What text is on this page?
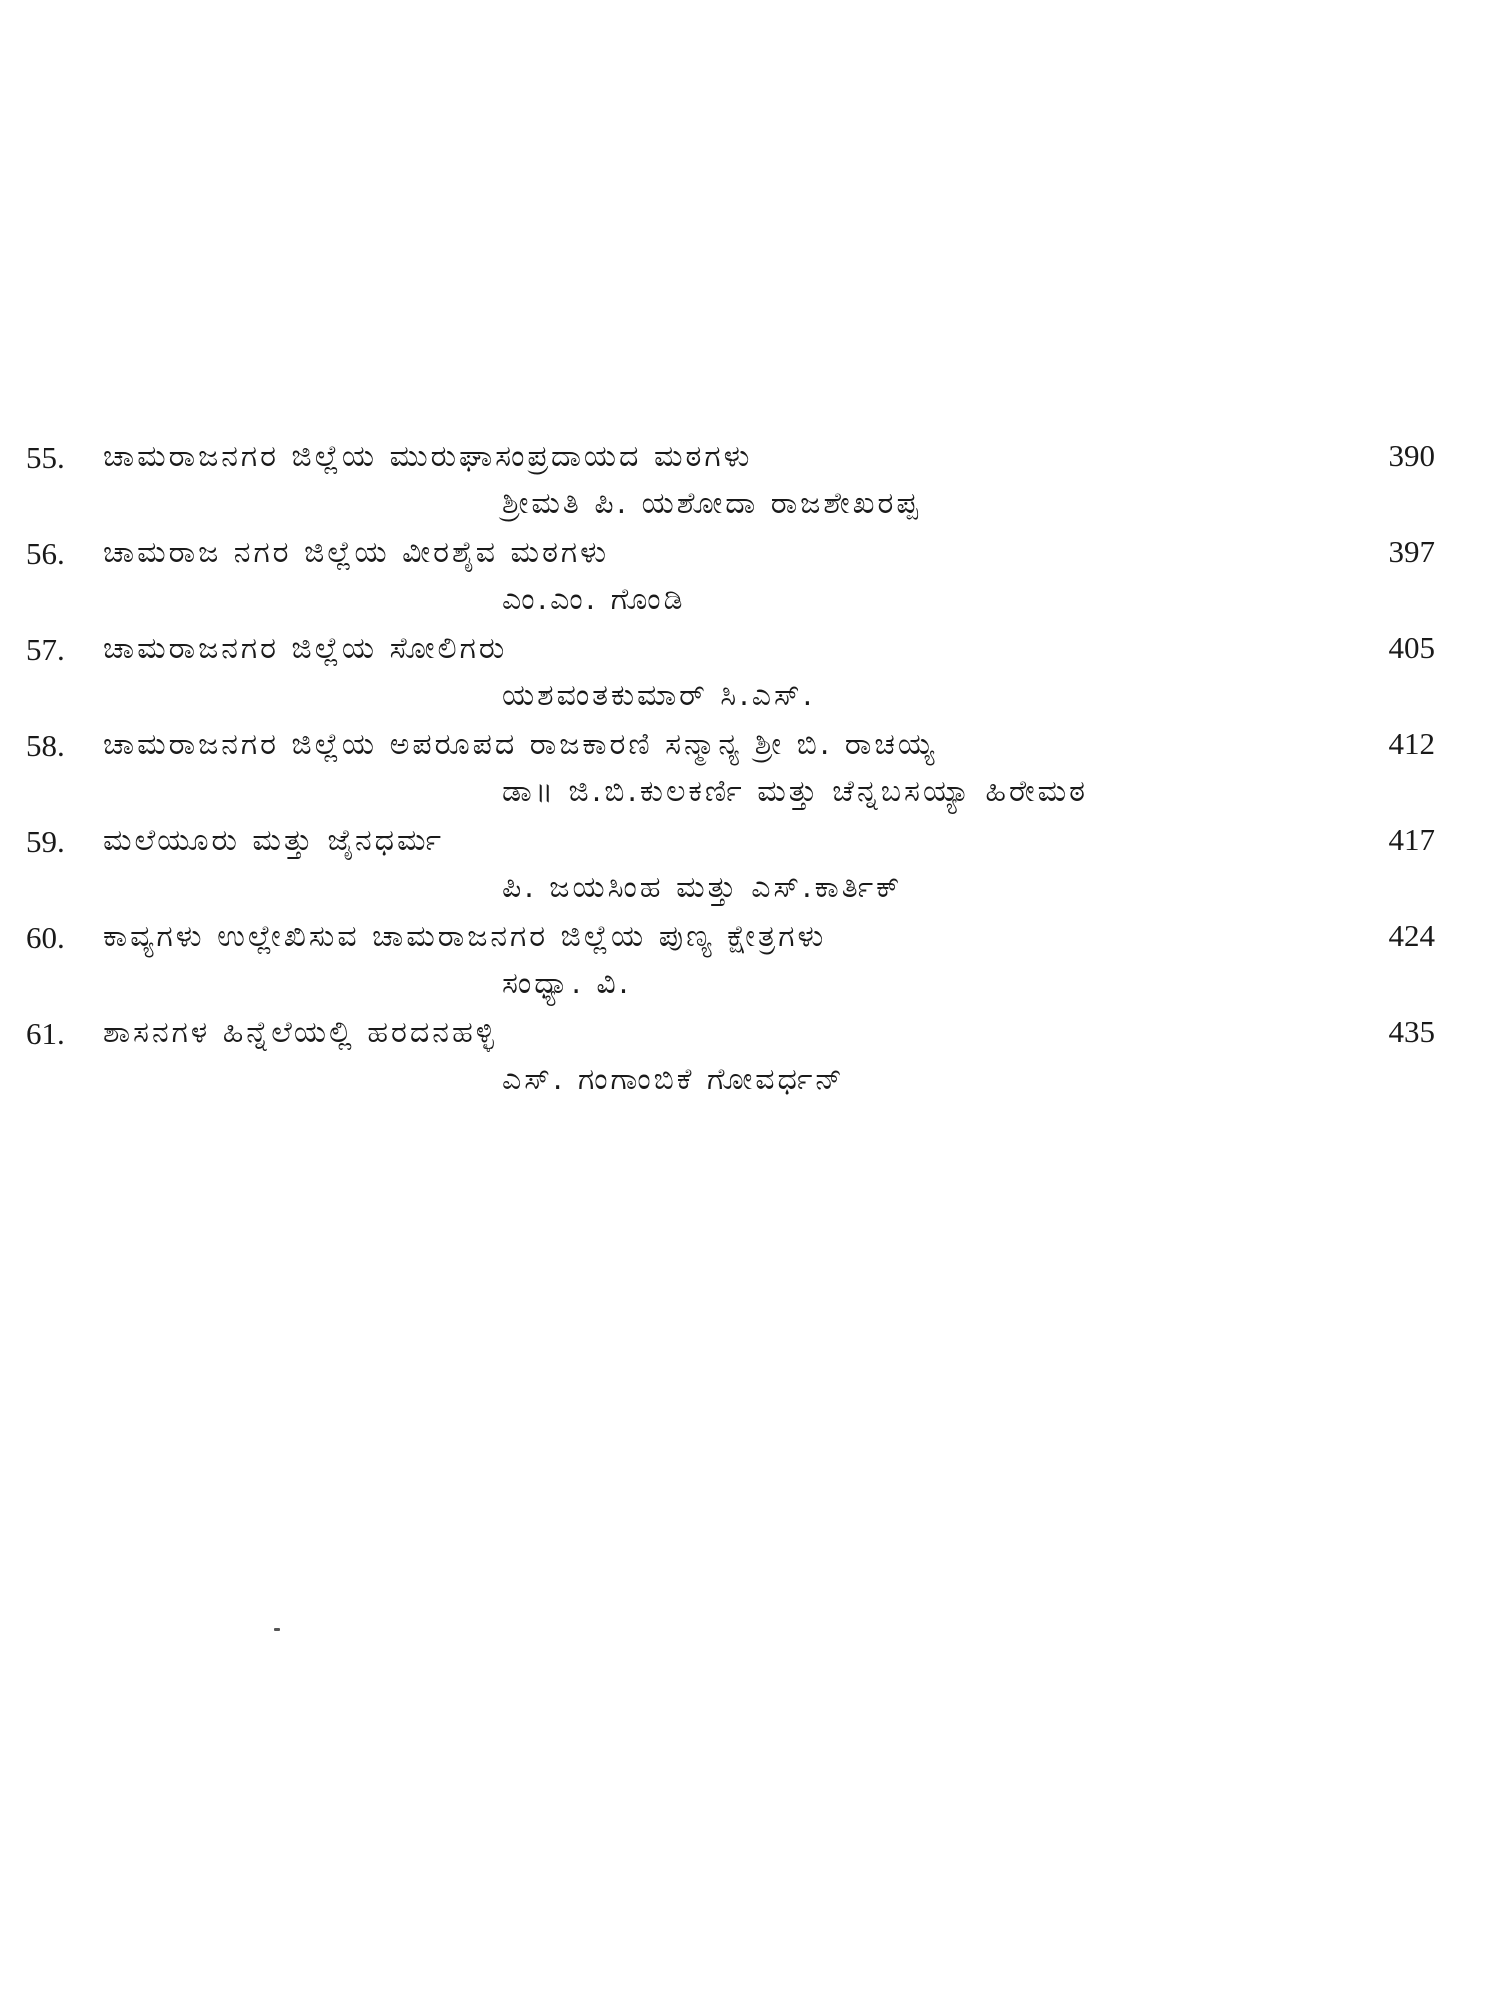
55. ಚಾಮರಾಜನಗರ ಜಿಲ್ಲೆಯ ಮುರುಘಾಸಂಪ್ರದಾಯದ ಮಠಗಳು
ಶ್ರೀಮತಿ ಪಿ. ಯಶೋದಾ ರಾಜಶೇಖರಪ್ಪ
390
56. ಚಾಮರಾಜ ನಗರ ಜಿಲ್ಲೆಯ ವೀರಶೈವ ಮಠಗಳು
ಎಂ.ಎಂ. ಗೊಂಡಿ
397
57. ಚಾಮರಾಜನಗರ ಜಿಲ್ಲೆಯ ಸೋಲಿಗರು
ಯಶವಂತಕುಮಾರ್ ಸಿ.ಎಸ್.
405
58. ಚಾಮರಾಜನಗರ ಜಿಲ್ಲೆಯ ಅಪರೂಪದ ರಾಜಕಾರಣಿ ಸನ್ಮಾನ್ಯ ಶ್ರೀ ಬಿ. ರಾಚಯ್ಯ
ಡಾ॥ ಜಿ.ಬಿ.ಕುಲಕರ್ಣಿ ಮತ್ತು ಚೆನ್ನಬಸಯ್ಯಾ ಹಿರೇಮಠ
412
59. ಮಲೆಯೂರು ಮತ್ತು ಜೈನಧರ್ಮ
ಪಿ. ಜಯಸಿಂಹ ಮತ್ತು ಎಸ್.ಕಾರ್ತಿಕ್
417
60. ಕಾವ್ಯಗಳು ಉಲ್ಲೇಖಿಸುವ ಚಾಮರಾಜನಗರ ಜಿಲ್ಲೆಯ ಪುಣ್ಯ ಕ್ಷೇತ್ರಗಳು
ಸಂಧ್ಯಾ. ವಿ.
424
61. ಶಾಸನಗಳ ಹಿನ್ನೆಲೆಯಲ್ಲಿ ಹರದನಹಳ್ಳಿ
ಎಸ್. ಗಂಗಾಂಬಿಕೆ ಗೋವರ್ಧನ್
435
